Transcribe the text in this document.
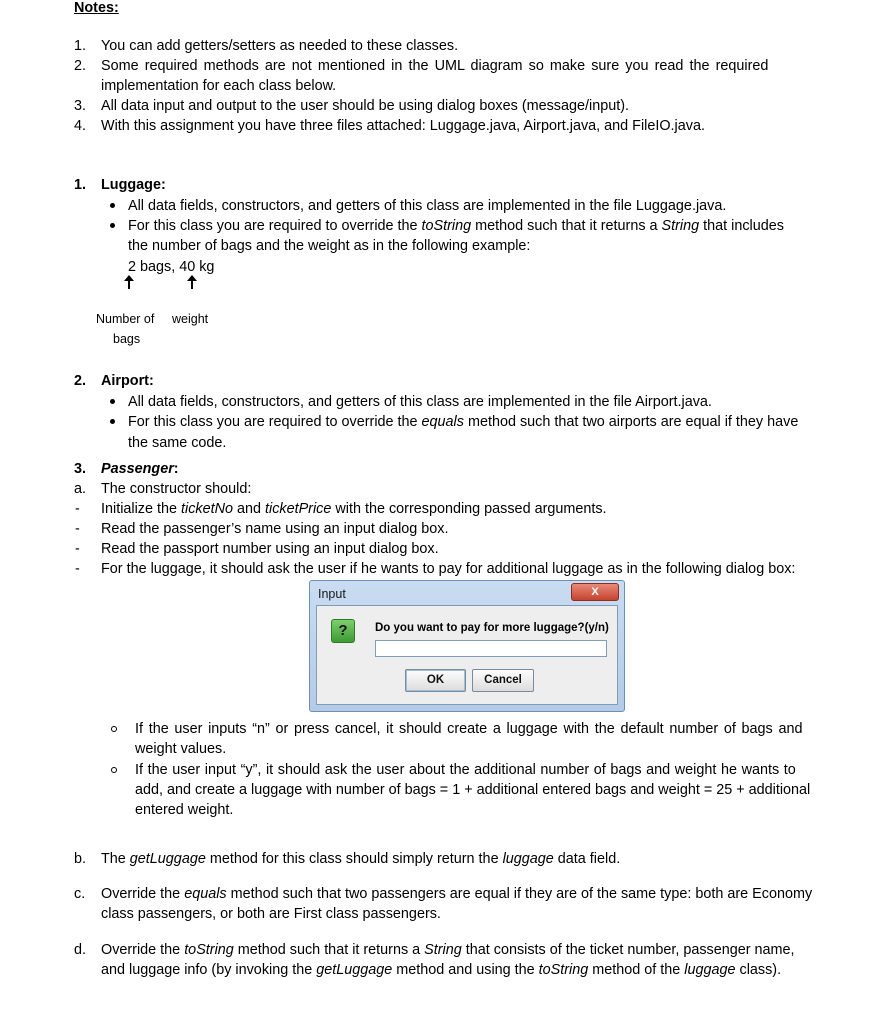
Notes:
1. You can add getters/setters as needed to these classes.
2. Some required methods are not mentioned in the UML diagram so make sure you read the required
implementation for each class below.
3. All data input and output to the user should be using dialog boxes (message/input).
4. With this assignment you have three files attached: Luggage.java, Airport.java, and FileIO.java.
1. Luggage:
All data fields, constructors, and getters of this class are implemented in the file Luggage.java.
For this class you are required to override the toString method such that it returns a String that includes
the number of bags and the weight as in the following example:
2 bags, 40 kg
Number of
bags
weight
2. Airport:
All data fields, constructors, and getters of this class are implemented in the file Airport.java.
For this class you are required to override the equals method such that two airports are equal if they have
the same code.
3. Passenger:
a. The constructor should:
- Initialize the ticketNo and ticketPrice with the corresponding passed arguments.
- Read the passenger’s name using an input dialog box.
- Read the passport number using an input dialog box.
- For the luggage, it should ask the user if he wants to pay for additional luggage as in the following dialog box:
Input	X
?	Do you want to pay for more luggage?(y/n)
OK	Cancel
If the user inputs “n” or press cancel, it should create a luggage with the default number of bags and
weight values.
If the user input “y”, it should ask the user about the additional number of bags and weight he wants to
add, and create a luggage with number of bags = 1 + additional entered bags and weight = 25 + additional
entered weight.
b. The getLuggage method for this class should simply return the luggage data field.
c. Override the equals method such that two passengers are equal if they are of the same type: both are Economy
class passengers, or both are First class passengers.
d. Override the toString method such that it returns a String that consists of the ticket number, passenger name,
and luggage info (by invoking the getLuggage method and using the toString method of the luggage class).
